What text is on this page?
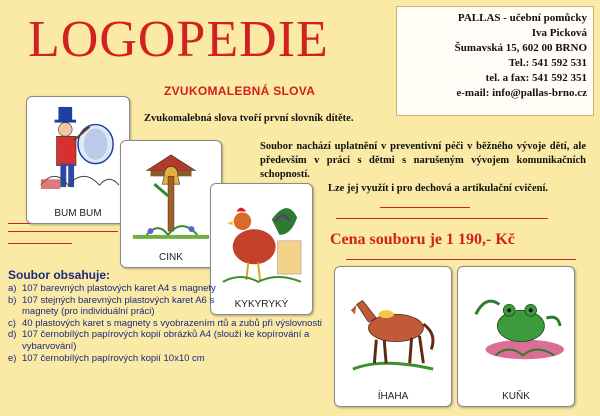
LOGOPEDIE
ZVUKOMALEBNÁ SLOVA
PALLAS - učební pomůcky
Iva Picková
Šumavská 15, 602 00 BRNO
Tel.: 541 592 531
tel. a fax: 541 592 351
e-mail: info@pallas-brno.cz
Zvukomalebná slova tvoří první slovník dítěte.
Soubor nachází uplatnění v preventivní péči v běžného vývoje dětí, ale především v práci s dětmi s narušeným vývojem komunikačních schopností.
Lze jej využít i pro dechová a artikulační cvičení.
Cena souboru je 1 190,- Kč
BUM BUM
CINK
KYKYRYKÝ
ÍHAHA	KUŇK
Soubor obsahuje:
a) 107 barevných plastových karet A4 s magnety
b) 107 stejných barevných plastových karet A6 s magnety (pro individuální práci)
c) 40 plastových karet s magnety s vyobrazením rtů a zubů při výslovnosti
d) 107 černobílých papírových kopií obrázků A4 (slouží ke kopírování a vybarvování)
e) 107 černobílých papírových kopií 10x10 cm
